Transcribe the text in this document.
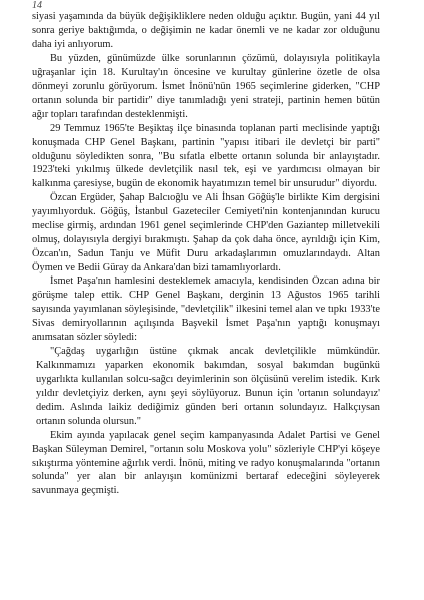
14

siyasi yaşamında da büyük değişikliklere neden olduğu açıktır. Bugün, yani 44 yıl sonra geriye baktığımda, o değişimin ne kadar önemli ve ne kadar zor olduğunu daha iyi anlıyorum.

Bu yüzden, günümüzde ülke sorunlarının çözümü, dolayısıyla politikayla uğraşanlar için 18. Kurultay'ın öncesine ve kurultay günlerine özetle de olsa dönmeyi zorunlu görüyorum. İsmet İnönü'nün 1965 seçimlerine giderken, "CHP ortanın solunda bir partidir" diye tanımladığı yeni strateji, partinin hemen bütün ağır topları tarafından desteklenmişti.

29 Temmuz 1965'te Beşiktaş ilçe binasında toplanan parti meclisinde yaptığı konuşmada CHP Genel Başkanı, partinin "yapısı itibari ile devletçi bir parti" olduğunu söyledikten sonra, "Bu sıfatla elbette ortanın solunda bir anlayıştadır. 1923'teki yıkılmış ülkede devletçilik nasıl tek, eşi ve yardımcısı olmayan bir kalkınma çaresiyse, bugün de ekonomik hayatımızın temel bir unsurudur" diyordu.

Özcan Ergüder, Şahap Balcıoğlu ve Ali İhsan Göğüş'le birlikte Kim dergisini yayımlıyorduk. Göğüş, İstanbul Gazeteciler Cemiyeti'nin kontenjanından kurucu meclise girmiş, ardından 1961 genel seçimlerinde CHP'den Gaziantep milletvekili olmuş, dolayısıyla dergiyi bırakmıştı. Şahap da çok daha önce, ayrıldığı için Kim, Özcan'ın, Sadun Tanju ve Müfit Duru arkadaşlarımın omuzlarındaydı. Altan Öymen ve Bedii Güray da Ankara'dan bizi tamamlıyorlardı.

İsmet Paşa'nın hamlesini desteklemek amacıyla, kendisinden Özcan adına bir görüşme talep ettik. CHP Genel Başkanı, derginin 13 Ağustos 1965 tarihli sayısında yayımlanan söyleşisinde, "devletçilik" ilkesini temel alan ve tıpkı 1933'te Sivas demiryollarının açılışında Başvekil İsmet Paşa'nın yaptığı konuşmayı anımsatan sözler söyledi:

"Çağdaş uygarlığın üstüne çıkmak ancak devletçilikle mümkündür. Kalkınmamızı yaparken ekonomik bakımdan, sosyal bakımdan bugünkü uygarlıkta kullanılan solcu-sağcı deyimlerinin son ölçüsünü verelim istedik. Kırk yıldır devletçiyiz derken, aynı şeyi söylüyoruz. Bunun için 'ortanın solundayız' dedim. Aslında laikiz dediğimiz günden beri ortanın solundayız. Halkçıysan ortanın solunda olursun."

Ekim ayında yapılacak genel seçim kampanyasında Adalet Partisi ve Genel Başkan Süleyman Demirel, "ortanın solu Moskova yolu" sözleriyle CHP'yi köşeye sıkıştırma yöntemine ağırlık verdi. İnönü, miting ve radyo konuşmalarında "ortanın solunda" yer alan bir anlayışın komünizmi bertaraf edeceğini söyleyerek savunmaya geçmişti.
